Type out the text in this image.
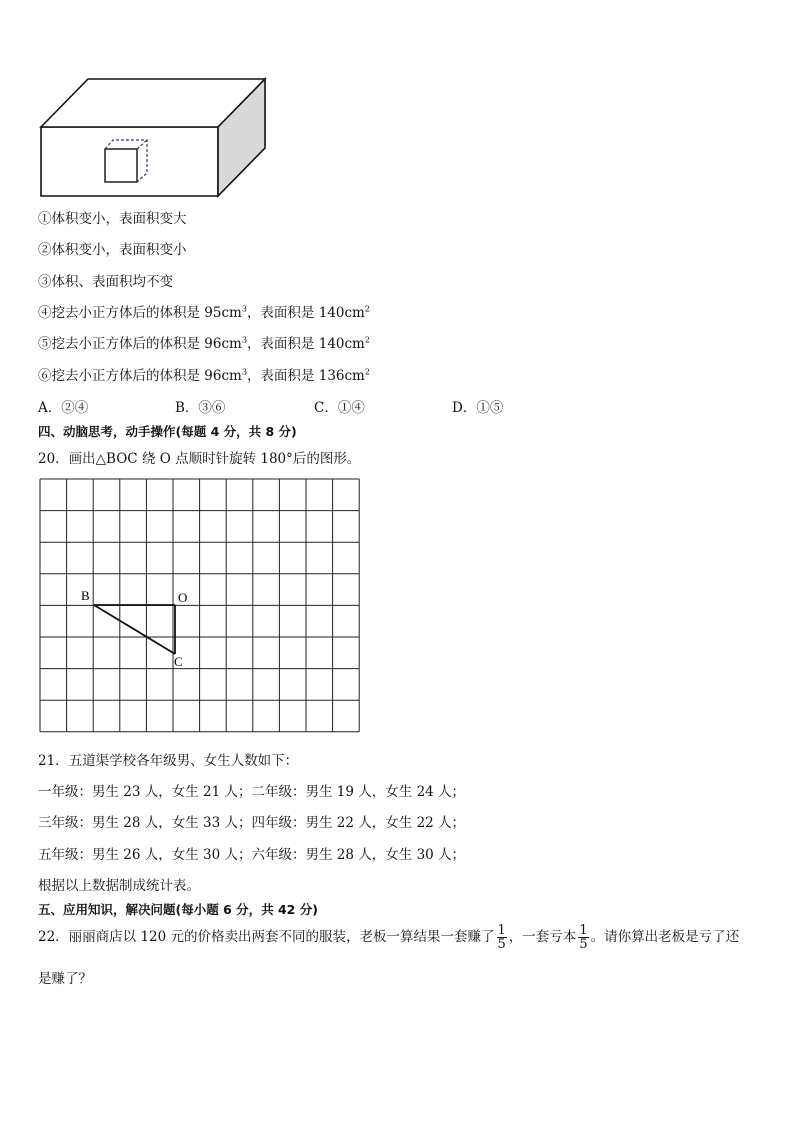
①体积变小，表面积变大
②体积变小，表面积变小
③体积、表面积均不变
④挖去小正方体后的体积是 $95cm^3$，表面积是 $140cm^2$
⑤挖去小正方体后的体积是 $96cm^3$，表面积是 $140cm^2$
⑥挖去小正方体后的体积是 $96cm^3$，表面积是 $136cm^2$
A．②④	B．③⑥	C．①④	D．①⑤
四、动脑思考，动手操作(每题 4 分，共 8 分)
20．画出△BOC 绕 O 点顺时针旋转 180°后的图形。
B	O
C
21．五道渠学校各年级男、女生人数如下：
一年级：男生 23 人，女生 21 人；二年级：男生 19 人，女生 24 人；
三年级：男生 28 人，女生 33 人；四年级：男生 22 人，女生 22 人；
五年级：男生 26 人，女生 30 人；六年级：男生 28 人，女生 30 人；
根据以上数据制成统计表。
五、应用知识，解决问题(每小题 6 分，共 42 分)
22．丽丽商店以 120 元的价格卖出两套不同的服装，老板一算结果一套赚了 $\frac{1}{5}$ ，一套亏本 $\frac{1}{5}$ 。请你算出老板是亏了还
是赚了？
